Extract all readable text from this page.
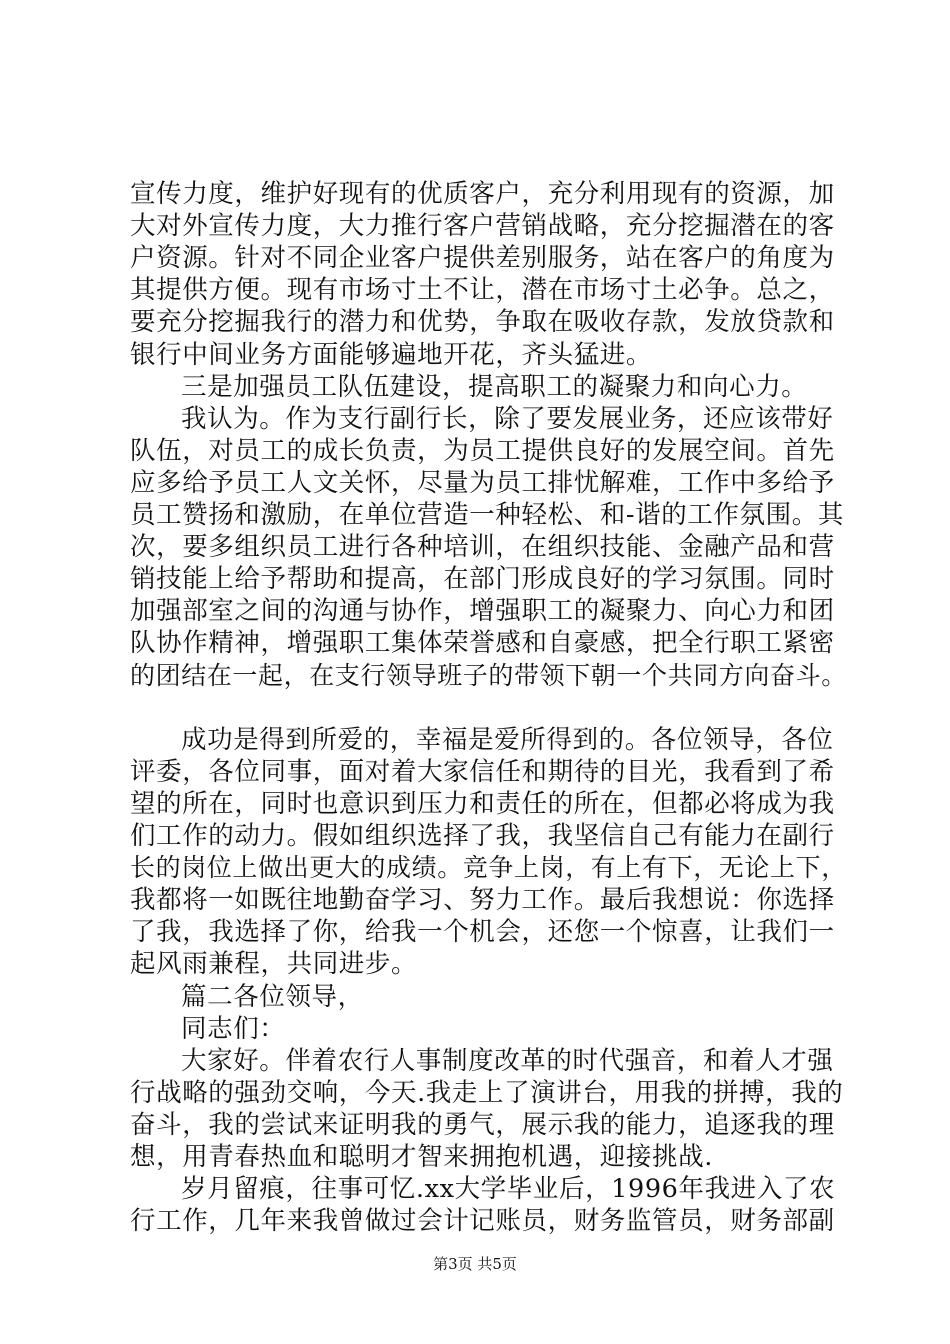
宣传力度，维护好现有的优质客户，充分利用现有的资源，加
大对外宣传力度，大力推行客户营销战略，充分挖掘潜在的客
户资源。针对不同企业客户提供差别服务，站在客户的角度为
其提供方便。现有市场寸土不让，潜在市场寸土必争。总之，
要充分挖掘我行的潜力和优势，争取在吸收存款，发放贷款和
银行中间业务方面能够遍地开花，齐头猛进。
三是加强员工队伍建设，提高职工的凝聚力和向心力。
我认为。作为支行副行长，除了要发展业务，还应该带好
队伍，对员工的成长负责，为员工提供良好的发展空间。首先
应多给予员工人文关怀，尽量为员工排忧解难，工作中多给予
员工赞扬和激励，在单位营造一种轻松、和-谐的工作氛围。其
次，要多组织员工进行各种培训，在组织技能、金融产品和营
销技能上给予帮助和提高，在部门形成良好的学习氛围。同时
加强部室之间的沟通与协作，增强职工的凝聚力、向心力和团
队协作精神，增强职工集体荣誉感和自豪感，把全行职工紧密
的团结在一起，在支行领导班子的带领下朝一个共同方向奋斗。
成功是得到所爱的，幸福是爱所得到的。各位领导，各位
评委，各位同事，面对着大家信任和期待的目光，我看到了希
望的所在，同时也意识到压力和责任的所在，但都必将成为我
们工作的动力。假如组织选择了我，我坚信自己有能力在副行
长的岗位上做出更大的成绩。竞争上岗，有上有下，无论上下，
我都将一如既往地勤奋学习、努力工作。最后我想说：你选择
了我，我选择了你，给我一个机会，还您一个惊喜，让我们一
起风雨兼程，共同进步。
篇二各位领导，
同志们：
大家好。伴着农行人事制度改革的时代强音，和着人才强
行战略的强劲交响，今天.我走上了演讲台，用我的拼搏，我的
奋斗，我的尝试来证明我的勇气，展示我的能力，追逐我的理
想，用青春热血和聪明才智来拥抱机遇，迎接挑战.
岁月留痕，往事可忆.xx大学毕业后，1996年我进入了农
行工作，几年来我曾做过会计记账员，财务监管员，财务部副
第3页 共5页
